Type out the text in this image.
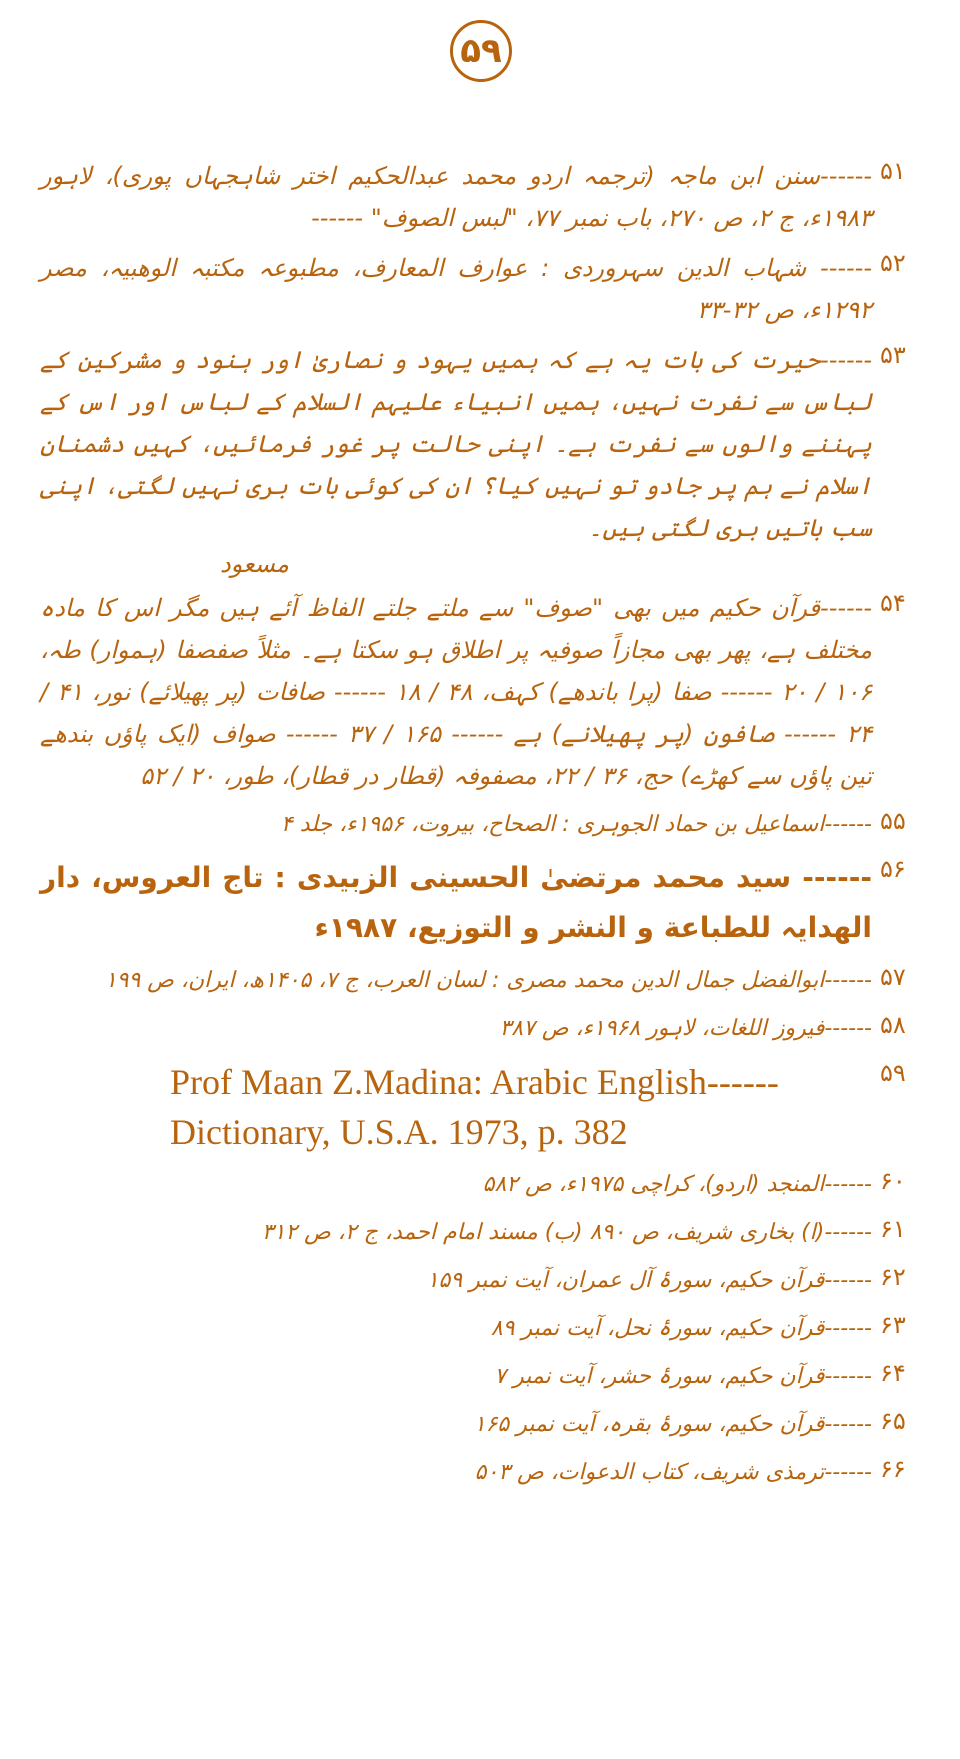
۵۹
۵۱
------سنن ابن ماجہ (ترجمہ اردو محمد عبدالحکیم اختر شاہجہاں پوری)، لاہور ۱۹۸۳ء، ج ۲، ص ۲۷۰، باب نمبر ۷۷، "لبس الصوف" ------
۵۲
------ شہاب الدین سہروردی : عوارف المعارف، مطبوعہ مکتبہ الوھبیہ، مصر ۱۲۹۲ء، ص ۳۲-۳۳
۵۳
------حیرت کی بات یہ ہے کہ ہمیں یہود و نصاریٰ اور ہنود و مشرکین کے لباس سے نفرت نہیں، ہمیں انبیاء علیہم السلام کے لباس اور اس کے پہننے والوں سے نفرت ہے۔ اپنی حالت پر غور فرمائیں، کہیں دشمنان اسلام نے ہم پر جادو تو نہیں کیا؟ ان کی کوئی بات بری نہیں لگتی، اپنی سب باتیں بری لگتی ہیں۔
مسعود
۵۴
------قرآن حکیم میں بھی "صوف" سے ملتے جلتے الفاظ آئے ہیں مگر اس کا مادہ مختلف ہے، پھر بھی مجازاً صوفیہ پر اطلاق ہو سکتا ہے۔ مثلاً صفصفا (ہموار) طہ، ۱۰۶ / ۲۰ ------ صفا (پرا باندھے) کہف، ۴۸ / ۱۸ ------ صافات (پر پھیلائے) نور، ۴۱ / ۲۴ ------ صافون (پر پھیلانے) ہے ------ ۱۶۵ / ۳۷ ------ صواف (ایک پاؤں بندھے تین پاؤں سے کھڑے) حج، ۳۶ / ۲۲، مصفوفہ (قطار در قطار)، طور، ۲۰ / ۵۲
۵۵
------اسماعیل بن حماد الجوہری : الصحاح، بیروت، ۱۹۵۶ء، جلد ۴
۵۶
------ سید محمد مرتضیٰ الحسینی الزبیدی : تاج العروس، دار الھدایہ للطباعة و النشر و التوزیع، ۱۹۸۷ء
۵۷
------ابوالفضل جمال الدین محمد مصری : لسان العرب، ج ۷، ۱۴۰۵ھ، ایران، ص ۱۹۹
۵۸
------فیروز اللغات، لاہور ۱۹۶۸ء، ص ۳۸۷
۵۹
Prof Maan Z.Madina: Arabic English------ Dictionary, U.S.A. 1973, p. 382
۶۰
------المنجد (اردو)، کراچی ۱۹۷۵ء، ص ۵۸۲
۶۱
------(ا) بخاری شریف، ص ۸۹۰ (ب) مسند امام احمد، ج ۲، ص ۳۱۲
۶۲
------قرآن حکیم، سورۂ آل عمران، آیت نمبر ۱۵۹
۶۳
------قرآن حکیم، سورۂ نحل، آیت نمبر ۸۹
۶۴
------قرآن حکیم، سورۂ حشر، آیت نمبر ۷
۶۵
------قرآن حکیم، سورۂ بقرہ، آیت نمبر ۱۶۵
۶۶
------ترمذی شریف، کتاب الدعوات، ص ۵۰۳
